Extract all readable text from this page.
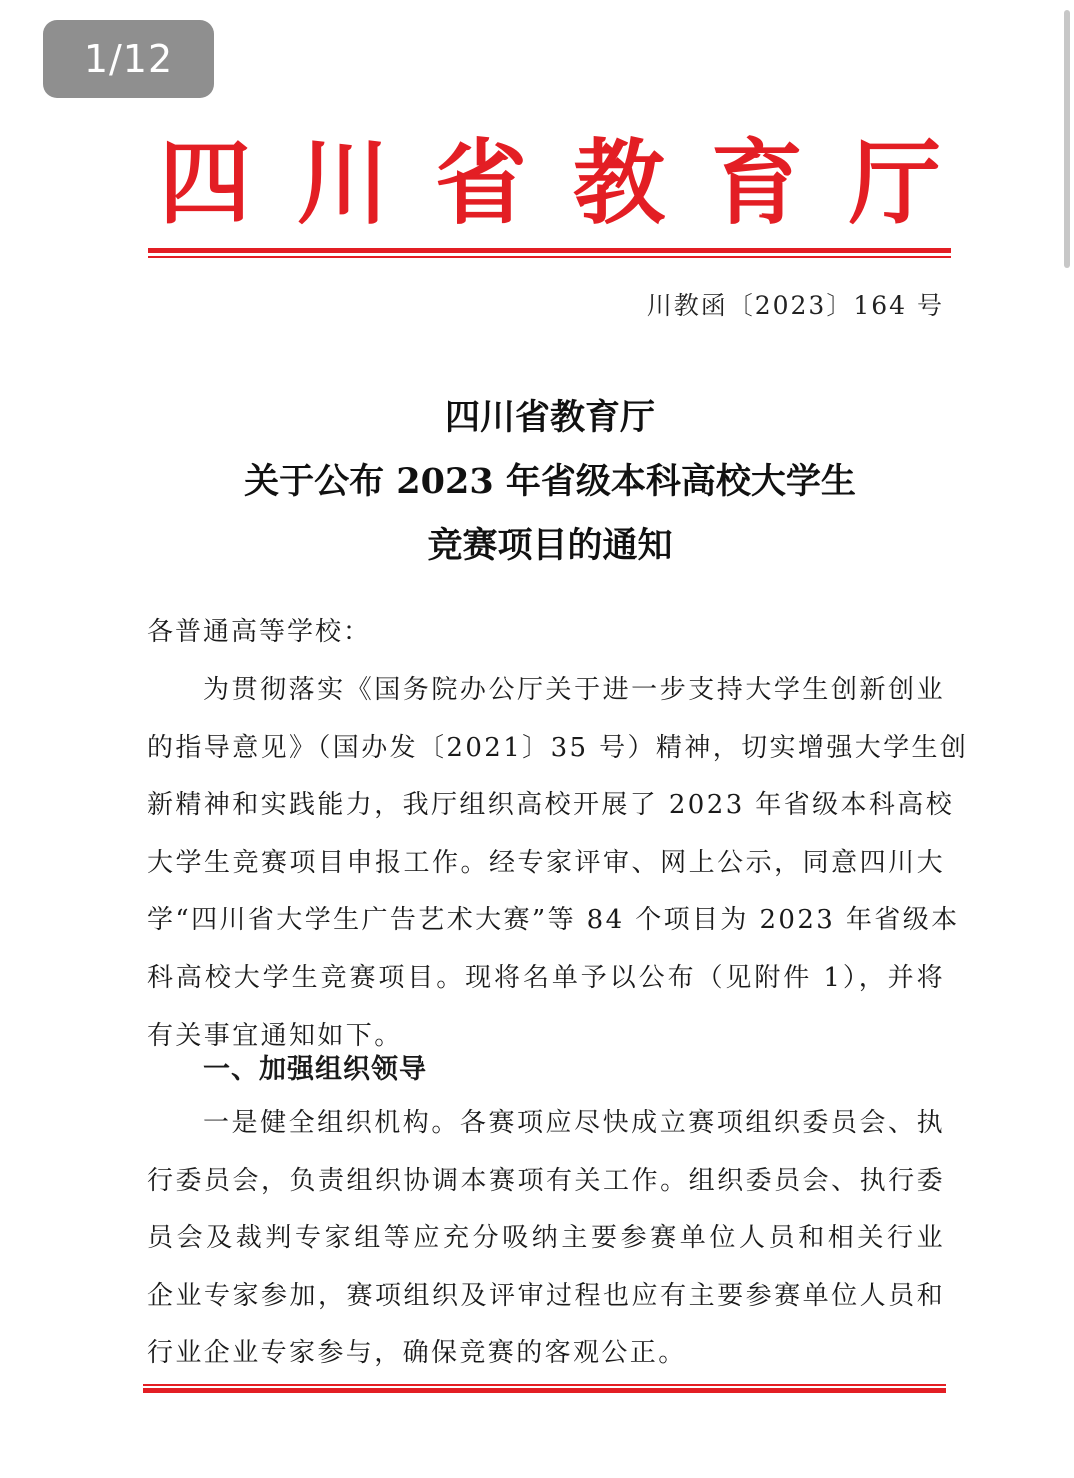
1/12
四 川 省 教 育 厅
川教函〔2023〕164 号
四川省教育厅
关于公布 2023 年省级本科高校大学生
竞赛项目的通知
各普通高等学校：
为贯彻落实《国务院办公厅关于进一步支持大学生创新创业
的指导意见》（国办发〔2021〕35 号）精神，切实增强大学生创
新精神和实践能力，我厅组织高校开展了 2023 年省级本科高校
大学生竞赛项目申报工作。经专家评审、网上公示，同意四川大
学“四川省大学生广告艺术大赛”等 84 个项目为 2023 年省级本
科高校大学生竞赛项目。现将名单予以公布（见附件 1），并将
有关事宜通知如下。
一、加强组织领导
一是健全组织机构。各赛项应尽快成立赛项组织委员会、执
行委员会，负责组织协调本赛项有关工作。组织委员会、执行委
员会及裁判专家组等应充分吸纳主要参赛单位人员和相关行业
企业专家参加，赛项组织及评审过程也应有主要参赛单位人员和
行业企业专家参与，确保竞赛的客观公正。
